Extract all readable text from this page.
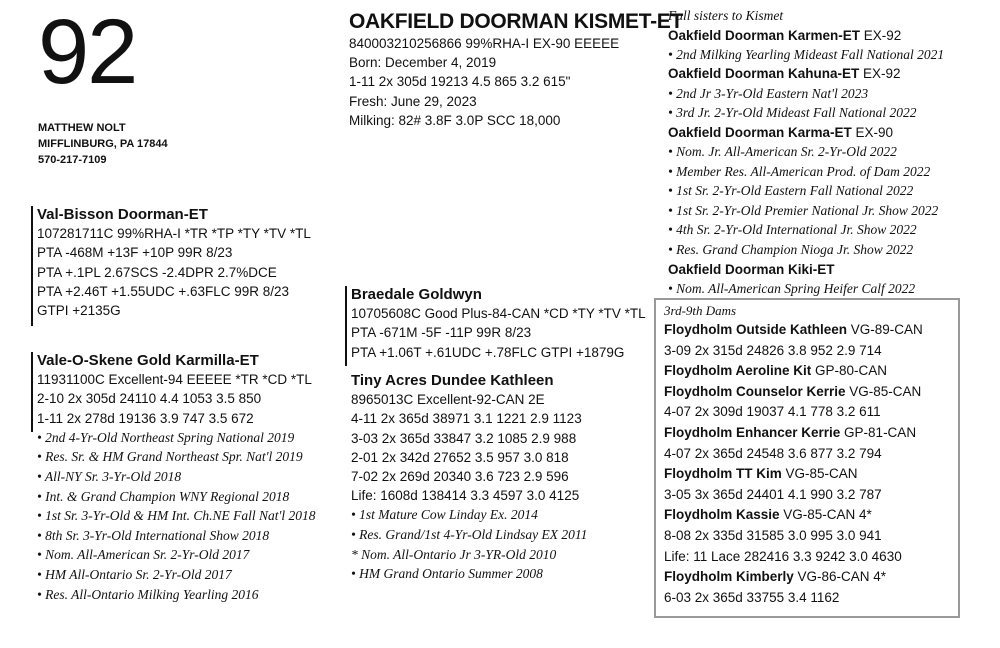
92
MATTHEW NOLT
MIFFLINBURG, PA 17844
570-217-7109
OAKFIELD DOORMAN KISMET-ET
840003210256866 99%RHA-I EX-90 EEEEE
Born: December 4, 2019
1-11 2x 305d 19213 4.5 865 3.2 615"
Fresh: June 29, 2023
Milking: 82# 3.8F 3.0P SCC 18,000
Val-Bisson Doorman-ET
107281711C 99%RHA-I *TR *TP *TY *TV *TL
PTA -468M +13F +10P 99R 8/23
PTA +.1PL 2.67SCS -2.4DPR 2.7%DCE
PTA +2.46T +1.55UDC +.63FLC 99R 8/23
GTPI +2135G
Vale-O-Skene Gold Karmilla-ET
11931100C Excellent-94 EEEEE *TR *CD *TL
2-10 2x 305d 24110 4.4 1053 3.5 850
1-11 2x 278d 19136 3.9 747 3.5 672
• 2nd 4-Yr-Old Northeast Spring National 2019
• Res. Sr. & HM Grand Northeast Spr. Nat'l 2019
• All-NY Sr. 3-Yr-Old 2018
• Int. & Grand Champion WNY Regional 2018
• 1st Sr. 3-Yr-Old & HM Int. Ch.NE Fall Nat'l 2018
• 8th Sr. 3-Yr-Old International Show 2018
• Nom. All-American Sr. 2-Yr-Old 2017
• HM All-Ontario Sr. 2-Yr-Old 2017
• Res. All-Ontario Milking Yearling 2016
Braedale Goldwyn
10705608C Good Plus-84-CAN *CD *TY *TV *TL
PTA -671M -5F -11P 99R 8/23
PTA +1.06T +.61UDC +.78FLC GTPI +1879G
Tiny Acres Dundee Kathleen
8965013C Excellent-92-CAN 2E
4-11 2x 365d 38971 3.1 1221 2.9 1123
3-03 2x 365d 33847 3.2 1085 2.9 988
2-01 2x 342d 27652 3.5 957 3.0 818
7-02 2x 269d 20340 3.6 723 2.9 596
Life: 1608d 138414 3.3 4597 3.0 4125
• 1st Mature Cow Linday Ex. 2014
• Res. Grand/1st 4-Yr-Old Lindsay EX 2011
* Nom. All-Ontario Jr 3-YR-Old 2010
• HM Grand Ontario Summer 2008
Full sisters to Kismet
Oakfield Doorman Karmen-ET EX-92
• 2nd Milking Yearling Mideast Fall National 2021
Oakfield Doorman Kahuna-ET EX-92
• 2nd Jr 3-Yr-Old Eastern Nat'l 2023
• 3rd Jr. 2-Yr-Old Mideast Fall National 2022
Oakfield Doorman Karma-ET EX-90
• Nom. Jr. All-American Sr. 2-Yr-Old 2022
• Member Res. All-American Prod. of Dam 2022
• 1st Sr. 2-Yr-Old Eastern Fall National 2022
• 1st Sr. 2-Yr-Old Premier National Jr. Show 2022
• 4th Sr. 2-Yr-Old International Jr. Show 2022
• Res. Grand Champion Nioga Jr. Show 2022
Oakfield Doorman Kiki-ET
• Nom. All-American Spring Heifer Calf 2022
3rd-9th Dams
Floydholm Outside Kathleen VG-89-CAN
3-09 2x 315d 24826 3.8 952 2.9 714
Floydholm Aeroline Kit GP-80-CAN
Floydholm Counselor Kerrie VG-85-CAN
4-07 2x 309d 19037 4.1 778 3.2 611
Floydholm Enhancer Kerrie GP-81-CAN
4-07 2x 365d 24548 3.6 877 3.2 794
Floydholm TT Kim VG-85-CAN
3-05 3x 365d 24401 4.1 990 3.2 787
Floydholm Kassie VG-85-CAN 4*
8-08 2x 335d 31585 3.0 995 3.0 941
Life: 11 Lace 282416 3.3 9242 3.0 4630
Floydholm Kimberly VG-86-CAN 4*
6-03 2x 365d 33755 3.4 1162
